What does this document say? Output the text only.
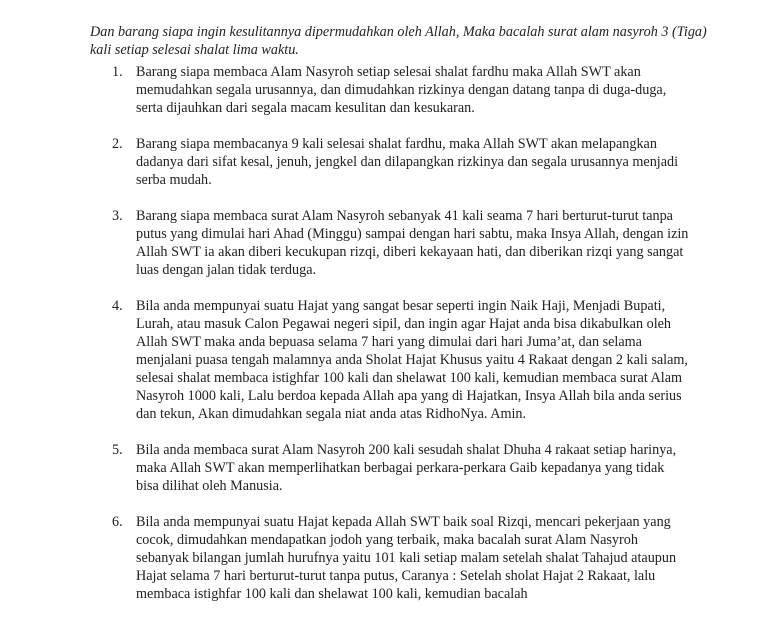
Dan barang siapa ingin kesulitannya dipermudahkan oleh Allah, Maka bacalah surat alam nasyroh 3 (Tiga) kali setiap selesai shalat lima waktu.

1. Barang siapa membaca Alam Nasyroh setiap selesai shalat fardhu maka Allah SWT akan memudahkan segala urusannya, dan dimudahkan rizkinya dengan datang tanpa di duga-duga, serta dijauhkan dari segala macam kesulitan dan kesukaran.
2. Barang siapa membacanya 9 kali selesai shalat fardhu, maka Allah SWT akan melapangkan dadanya dari sifat kesal, jenuh, jengkel dan dilapangkan rizkinya dan segala urusannya menjadi serba mudah.
3. Barang siapa membaca surat Alam Nasyroh sebanyak 41 kali seama 7 hari berturut-turut tanpa putus yang dimulai hari Ahad (Minggu) sampai dengan hari sabtu, maka Insya Allah, dengan izin Allah SWT ia akan diberi kecukupan rizqi, diberi kekayaan hati, dan diberikan rizqi yang sangat luas dengan jalan tidak terduga.
4. Bila anda mempunyai suatu Hajat yang sangat besar seperti ingin Naik Haji, Menjadi Bupati, Lurah, atau masuk Calon Pegawai negeri sipil, dan ingin agar Hajat anda bisa dikabulkan oleh Allah SWT maka anda bepuasa selama 7 hari yang dimulai dari hari Juma’at, dan selama menjalani puasa tengah malamnya anda Sholat Hajat Khusus yaitu 4 Rakaat dengan 2 kali salam, selesai shalat membaca istighfar 100 kali dan shelawat 100 kali, kemudian membaca surat Alam Nasyroh 1000 kali, Lalu berdoa kepada Allah apa yang di Hajatkan, Insya Allah bila anda serius dan tekun, Akan dimudahkan segala niat anda atas RidhoNya. Amin.
5. Bila anda membaca surat Alam Nasyroh 200 kali sesudah shalat Dhuha 4 rakaat setiap harinya, maka Allah SWT akan memperlihatkan berbagai perkara-perkara Gaib kepadanya yang tidak bisa dilihat oleh Manusia.
6. Bila anda mempunyai suatu Hajat kepada Allah SWT baik soal Rizqi, mencari pekerjaan yang cocok, dimudahkan mendapatkan jodoh yang terbaik, maka bacalah surat Alam Nasyroh sebanyak bilangan jumlah hurufnya yaitu 101 kali setiap malam setelah shalat Tahajud ataupun Hajat selama 7 hari berturut-turut tanpa putus, Caranya : Setelah sholat Hajat 2 Rakaat, lalu membaca istighfar 100 kali dan shelawat 100 kali, kemudian bacalah
